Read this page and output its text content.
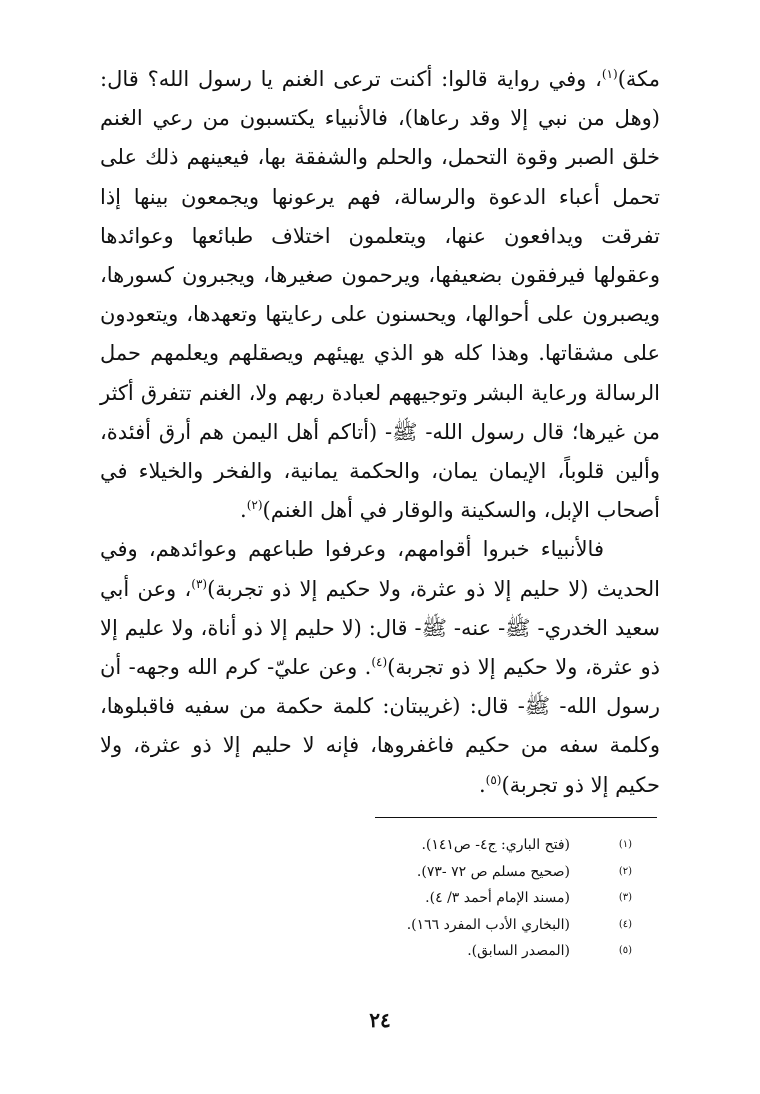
مكة)$^{(١)}$، وفي رواية قالوا: أكنت ترعى الغنم يا رسول الله؟ قال: (وهل من نبي إلا وقد رعاها)، فالأنبياء يكتسبون من رعي الغنم خلق الصبر وقوة التحمل، والحلم والشفقة بها، فيعينهم ذلك على تحمل أعباء الدعوة والرسالة، فهم يرعونها ويجمعون بينها إذا تفرقت ويدافعون عنها، ويتعلمون اختلاف طبائعها وعوائدها وعقولها فيرفقون بضعيفها، ويرحمون صغيرها، ويجبرون كسورها، ويصبرون على أحوالها، ويحسنون على رعايتها وتعهدها، ويتعودون على مشقاتها. وهذا كله هو الذي يهيئهم ويصقلهم ويعلمهم حمل الرسالة ورعاية البشر وتوجيههم لعبادة ربهم ولا، الغنم تتفرق أكثر من غيرها؛ قال رسول الله- ﷺ- (أتاكم أهل اليمن هم أرق أفئدة، وألين قلوباً، الإيمان يمان، والحكمة يمانية، والفخر والخيلاء في أصحاب الإبل، والسكينة والوقار في أهل الغنم)$^{(٢)}$.

فالأنبياء خبروا أقوامهم، وعرفوا طباعهم وعوائدهم، وفي الحديث (لا حليم إلا ذو عثرة، ولا حكيم إلا ذو تجربة)$^{(٣)}$، وعن أبي سعيد الخدري- ﷺ- عنه- ﷺ- قال: (لا حليم إلا ذو أناة، ولا عليم إلا ذو عثرة، ولا حكيم إلا ذو تجربة)$^{(٤)}$. وعن عليّ- كرم الله وجهه- أن رسول الله- ﷺ- قال: (غريبتان: كلمة حكمة من سفيه فاقبلوها، وكلمة سفه من حكيم فاغفروها، فإنه لا حليم إلا ذو عثرة، ولا حكيم إلا ذو تجربة)$^{(٥)}$.

(١)
(فتح الباري: ج٤- ص١٤١).
(٢)
(صحيح مسلم ص ٧٢ -٧٣).
(٣)
(مسند الإمام أحمد ٣/ ٤).
(٤)
(البخاري الأدب المفرد ١٦٦).
(٥)
(المصدر السابق).
٢٤
